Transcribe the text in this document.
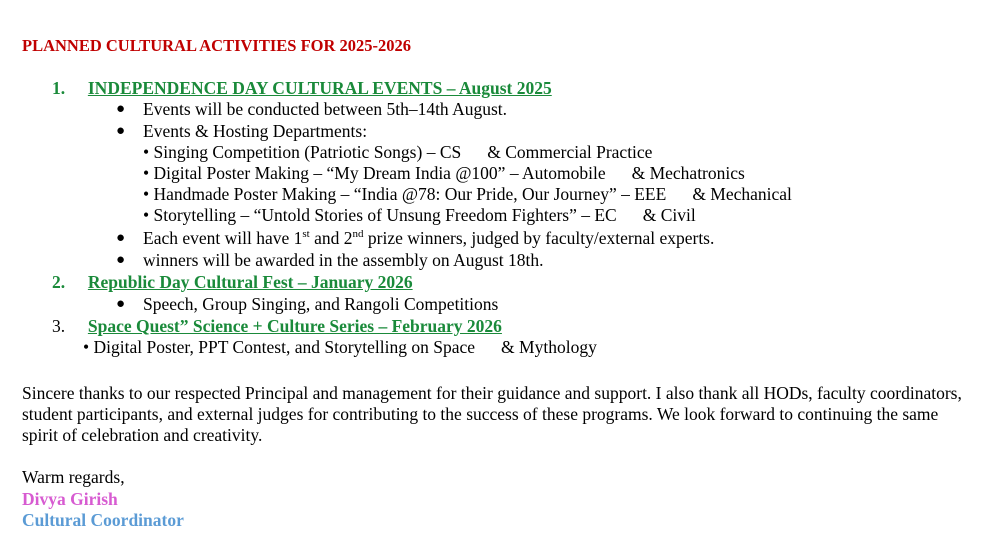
PLANNED CULTURAL ACTIVITIES FOR 2025-2026
1. INDEPENDENCE DAY CULTURAL EVENTS – August 2025
● Events will be conducted between 5th–14th August.
● Events & Hosting Departments:
• Singing Competition (Patriotic Songs) – CS & Commercial Practice
• Digital Poster Making – “My Dream India @100” – Automobile & Mechatronics
• Handmade Poster Making – “India @78: Our Pride, Our Journey” – EEE & Mechanical
• Storytelling – “Untold Stories of Unsung Freedom Fighters” – EC & Civil
● Each event will have 1st and 2nd prize winners, judged by faculty/external experts.
● winners will be awarded in the assembly on August 18th.
2. Republic Day Cultural Fest – January 2026
● Speech, Group Singing, and Rangoli Competitions
3. Space Quest” Science + Culture Series – February 2026
• Digital Poster, PPT Contest, and Storytelling on Space & Mythology
Sincere thanks to our respected Principal and management for their guidance and support. I also thank all HODs, faculty coordinators, student participants, and external judges for contributing to the success of these programs. We look forward to continuing the same spirit of celebration and creativity.
Warm regards,
Divya Girish
Cultural Coordinator
